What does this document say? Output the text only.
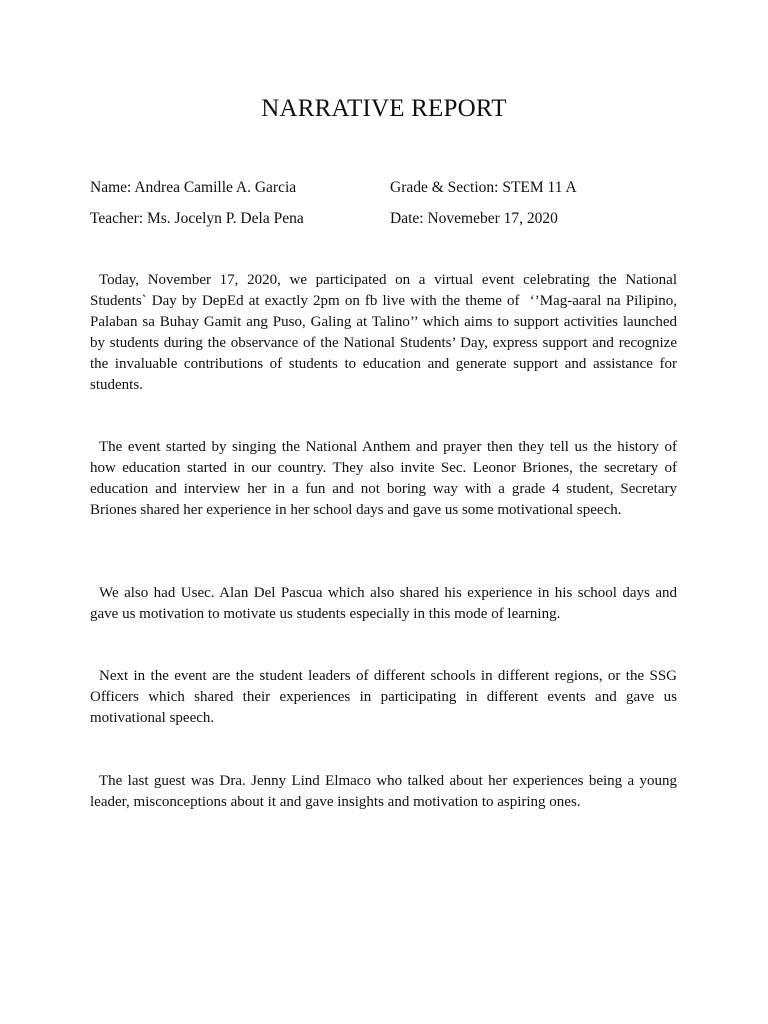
NARRATIVE REPORT
Name: Andrea Camille A. Garcia	Grade & Section: STEM 11 A
Teacher: Ms. Jocelyn P. Dela Pena	Date: Novemeber 17, 2020

Today, November 17, 2020, we participated on a virtual event celebrating the National Students` Day by DepEd at exactly 2pm on fb live with the theme of  ‘’Mag-aaral na Pilipino, Palaban sa Buhay Gamit ang Puso, Galing at Talino’’ which aims to support activities launched by students during the observance of the National Students’ Day, express support and recognize the invaluable contributions of students to education and generate support and assistance for students.

The event started by singing the National Anthem and prayer then they tell us the history of how education started in our country. They also invite Sec. Leonor Briones, the secretary of education and interview her in a fun and not boring way with a grade 4 student, Secretary Briones shared her experience in her school days and gave us some motivational speech.

We also had Usec. Alan Del Pascua which also shared his experience in his school days and gave us motivation to motivate us students especially in this mode of learning.

Next in the event are the student leaders of different schools in different regions, or the SSG Officers which shared their experiences in participating in different events and gave us motivational speech.

The last guest was Dra. Jenny Lind Elmaco who talked about her experiences being a young leader, misconceptions about it and gave insights and motivation to aspiring ones.
